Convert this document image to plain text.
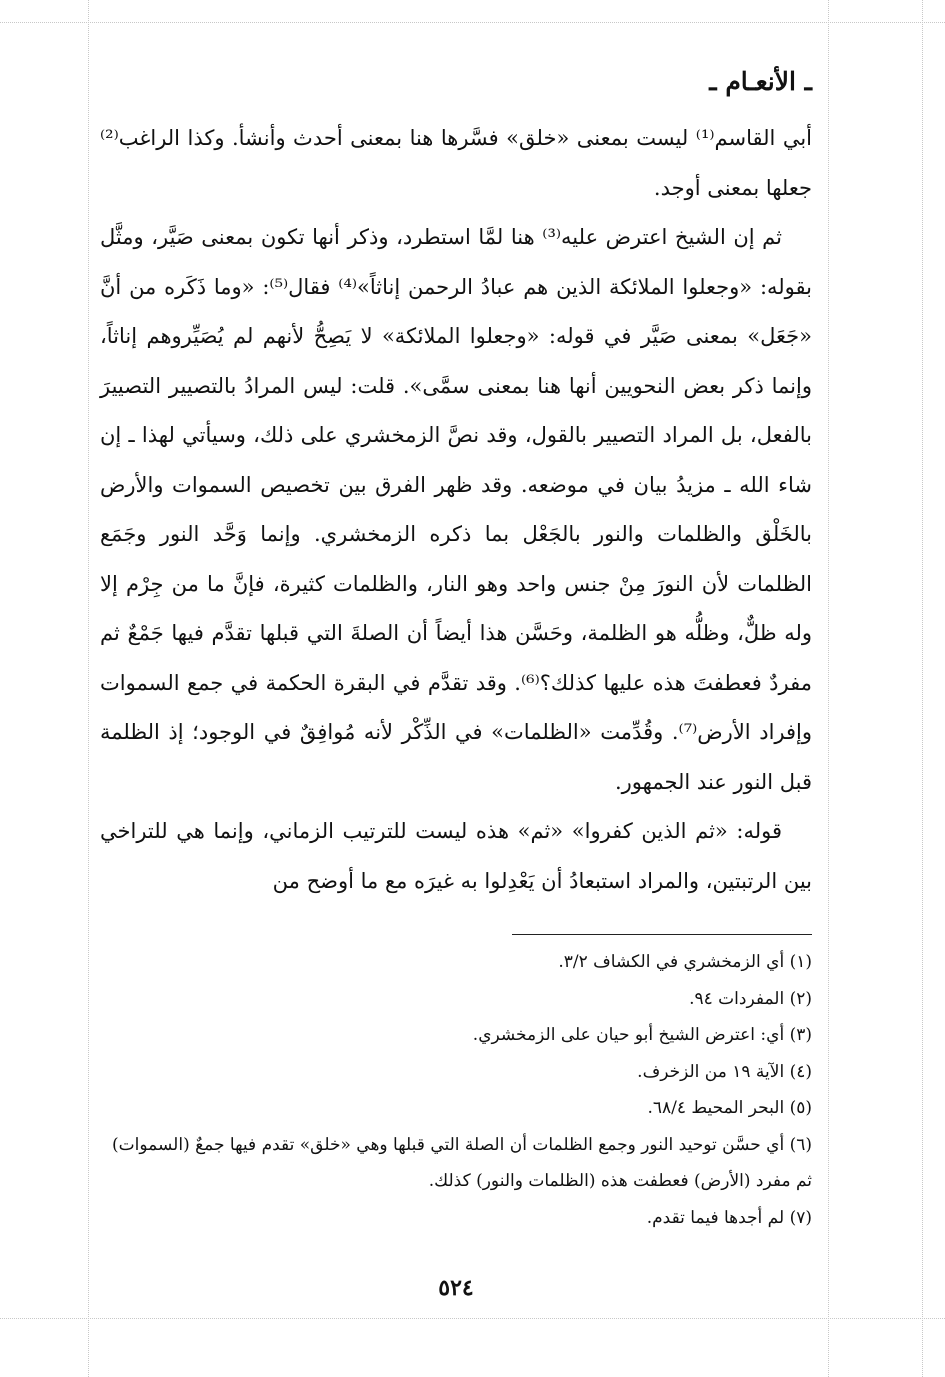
ـ الأنعـام ـ

أبي القاسم⁽¹⁾ ليست بمعنى «خلق» فسَّرها هنا بمعنى أحدث وأنشأ. وكذا الراغب⁽²⁾ جعلها بمعنى أوجد.

ثم إن الشيخ اعترض عليه⁽³⁾ هنا لمَّا استطرد، وذكر أنها تكون بمعنى صَيَّر، ومثَّل بقوله: «وجعلوا الملائكة الذين هم عبادُ الرحمن إناثاً»⁽⁴⁾ فقال⁽⁵⁾: «وما ذَكَره من أنَّ «جَعَل» بمعنى صَيَّر في قوله: «وجعلوا الملائكة» لا يَصِحُّ لأنهم لم يُصَيِّروهم إناثاً، وإنما ذكر بعض النحويين أنها هنا بمعنى سمَّى». قلت: ليس المرادُ بالتصيير التصييرَ بالفعل، بل المراد التصيير بالقول، وقد نصَّ الزمخشري على ذلك، وسيأتي لهذا ـ إن شاء الله ـ مزيدُ بيان في موضعه. وقد ظهر الفرق بين تخصيص السموات والأرض بالخَلْق والظلمات والنور بالجَعْل بما ذكره الزمخشري. وإنما وَحَّد النور وجَمَع الظلمات لأن النورَ مِنْ جنس واحد وهو النار، والظلمات كثيرة، فإنَّ ما من جِرْم إلا وله ظلٌّ، وظلُّه هو الظلمة، وحَسَّن هذا أيضاً أن الصلةَ التي قبلها تقدَّم فيها جَمْعٌ ثم مفردٌ فعطفتَ هذه عليها كذلك؟⁽⁶⁾. وقد تقدَّم في البقرة الحكمة في جمع السموات وإفراد الأرض⁽⁷⁾. وقُدِّمت «الظلمات» في الذِّكْر لأنه مُوافِقٌ في الوجود؛ إذ الظلمة قبل النور عند الجمهور.

قوله: «ثم الذين كفروا» «ثم» هذه ليست للترتيب الزماني، وإنما هي للتراخي بين الرتبتين، والمراد استبعادُ أن يَعْدِلوا به غيرَه مع ما أوضح من

(١) أي الزمخشري في الكشاف ٣/٢.

(٢) المفردات ٩٤.

(٣) أي: اعترض الشيخ أبو حيان على الزمخشري.

(٤) الآية ١٩ من الزخرف.

(٥) البحر المحيط ٦٨/٤.

(٦) أي حسَّن توحيد النور وجمع الظلمات أن الصلة التي قبلها وهي «خلق» تقدم فيها جمعٌ (السموات) ثم مفرد (الأرض) فعطفت هذه (الظلمات والنور) كذلك.

(٧) لم أجدها فيما تقدم.

٥٢٤
